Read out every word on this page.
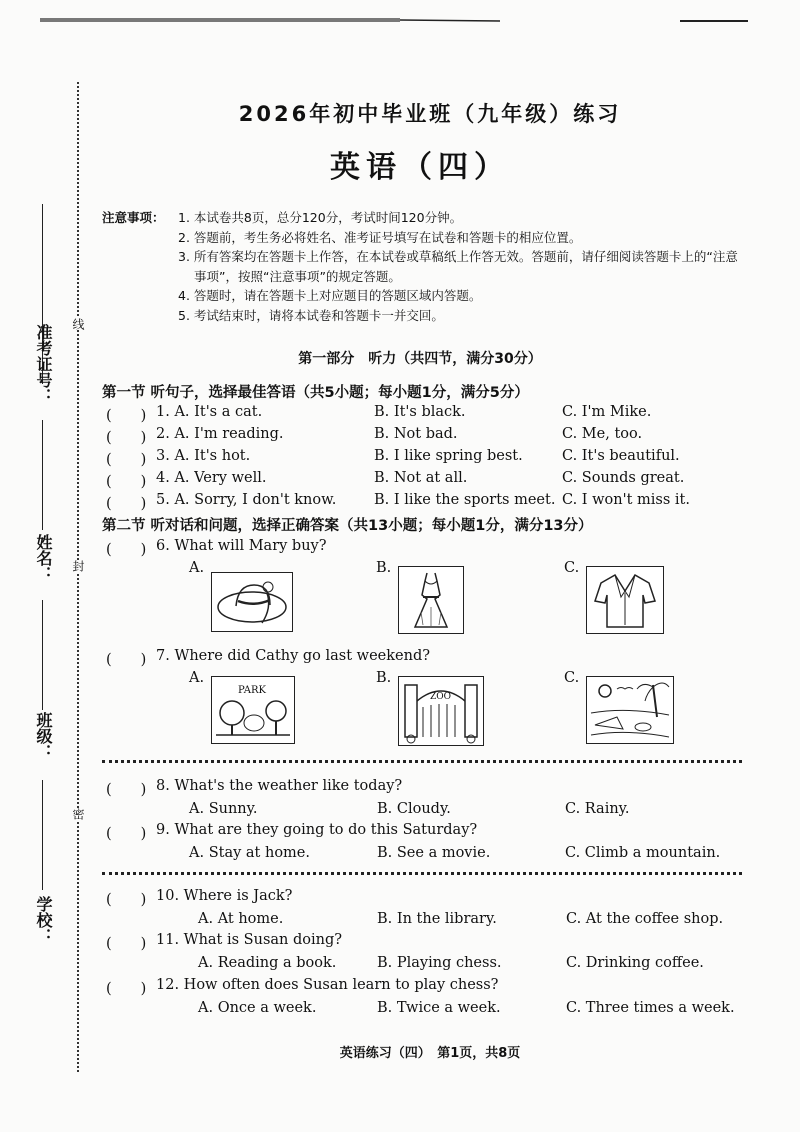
准考证号：
姓名：
班级：
学校：
线
封
密
2026年初中毕业班（九年级）练习
英语（四）
注意事项：	1. 本试卷共8页，总分120分，考试时间120分钟。
2. 答题前，考生务必将姓名、准考证号填写在试卷和答题卡的相应位置。
3. 所有答案均在答题卡上作答，在本试卷或草稿纸上作答无效。答题前，请仔细阅读答题卡上的“注意事项”，按照“注意事项”的规定答题。
4. 答题时，请在答题卡上对应题目的答题区域内答题。
5. 考试结束时，请将本试卷和答题卡一并交回。
第一部分　听力（共四节，满分30分）
第一节 听句子，选择最佳答语（共5小题；每小题1分，满分5分）
(　　) 1. A. It's a cat.	B. It's black.	C. I'm Mike.
(　　) 2. A. I'm reading.	B. Not bad.	C. Me, too.
(　　) 3. A. It's hot.	B. I like spring best.	C. It's beautiful.
(　　) 4. A. Very well.	B. Not at all.	C. Sounds great.
(　　) 5. A. Sorry, I don't know.	B. I like the sports meet. C. I won't miss it.
第二节 听对话和问题，选择正确答案（共13小题；每小题1分，满分13分）
(　　) 6. What will Mary buy?
A.	B.	C.
(　　) 7. Where did Cathy go last weekend?
A.
PARK
B.
ZOO
C.
(　　) 8. What's the weather like today?
A. Sunny.	B. Cloudy.	C. Rainy.
(　　) 9. What are they going to do this Saturday?
A. Stay at home.	B. See a movie.	C. Climb a mountain.
(　　) 10. Where is Jack?
A. At home.	B. In the library.	C. At the coffee shop.
(　　) 11. What is Susan doing?
A. Reading a book.	B. Playing chess.	C. Drinking coffee.
(　　) 12. How often does Susan learn to play chess?
A. Once a week.	B. Twice a week.	C. Three times a week.
英语练习（四）　第1页，共8页
